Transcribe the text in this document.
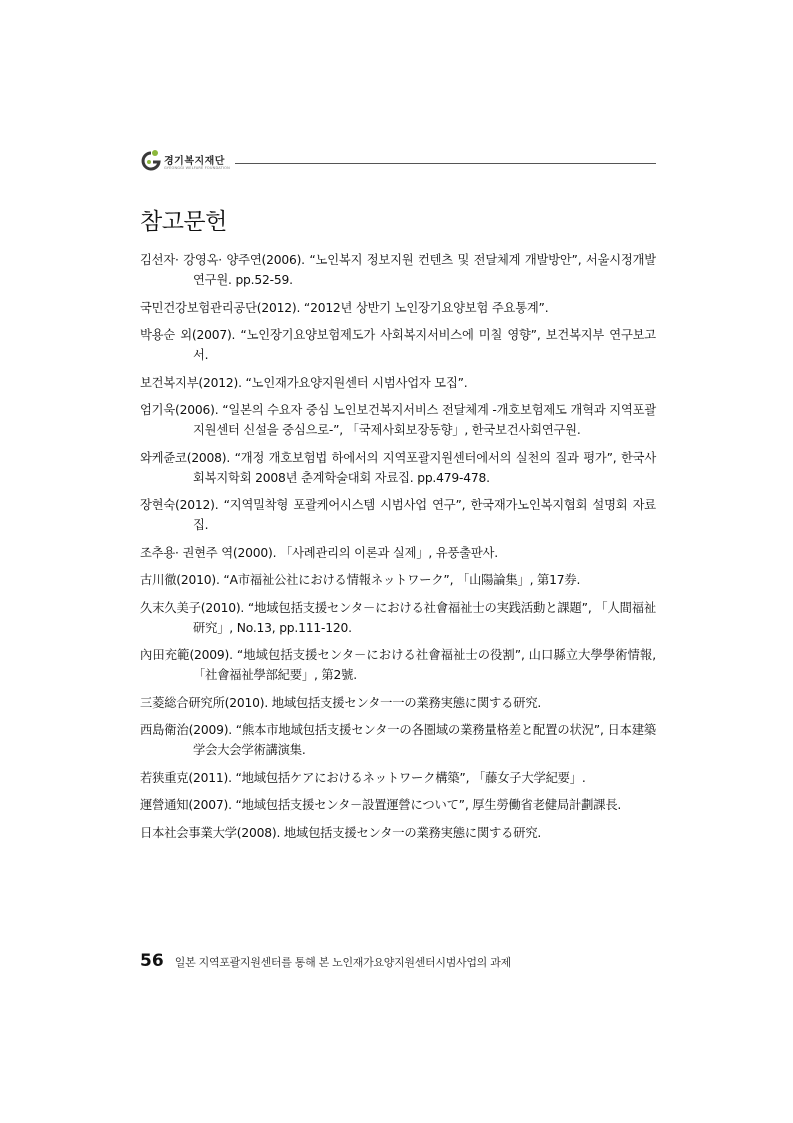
경기복지재단
GYEONGGI WELFARE FOUNDATION
참고문헌
김선자· 강영옥· 양주연(2006). “노인복지 정보지원 컨텐츠 및 전달체계 개발방안”, 서울시정개발연구원. pp.52-59.
국민건강보험관리공단(2012). “2012년 상반기 노인장기요양보험 주요통계”.
박용순 외(2007). “노인장기요양보험제도가 사회복지서비스에 미칠 영향”, 보건복지부 연구보고서.
보건복지부(2012). “노인재가요양지원센터 시범사업자 모집”.
엄기욱(2006). “일본의 수요자 중심 노인보건복지서비스 전달체계 -개호보험제도 개혁과 지역포괄지원센터 신설을 중심으로-”, 「국제사회보장동향」, 한국보건사회연구원.
와케쥰코(2008). “개정 개호보험법 하에서의 지역포괄지원센터에서의 실천의 질과 평가”, 한국사회복지학회 2008년 춘계학술대회 자료집. pp.479-478.
장현숙(2012). “지역밀착형 포괄케어시스템 시범사업 연구”, 한국재가노인복지협회 설명회 자료집.
조추용· 권현주 역(2000). 「사례관리의 이론과 실제」, 유풍출판사.
古川徹(2010). “A市福祉公社における情報ネットワーク”, 「山陽論集」, 第17券.
久末久美子(2010). “地域包括支援センタ－における社會福祉士の実践活動と課題”, 「人間福祉研究」, No.13, pp.111-120.
內田充範(2009). “地域包括支援センタ－における社會福祉士の役割”, 山口縣立大學學術情報, 「社會福祉學部紀要」, 第2號.
三菱総合研究所(2010). 地域包括支援センタ一一の業務実態に関する研究.
西島衛治(2009). “熊本市地域包括支援センタ一の各圏域の業務量格差と配置の状況”, 日本建築学会大会学術講演集.
若狭重克(2011). “地域包括ケアにおけるネットワーク構築”, 「藤女子大学紀要」.
運營通知(2007). “地域包括支援センタ－設置運營について”, 厚生勞働省老健局計劃課長.
日本社会事業大学(2008). 地域包括支援センタ一の業務実態に関する研究.
56 일본 지역포괄지원센터를 통해 본 노인재가요양지원센터시범사업의 과제
